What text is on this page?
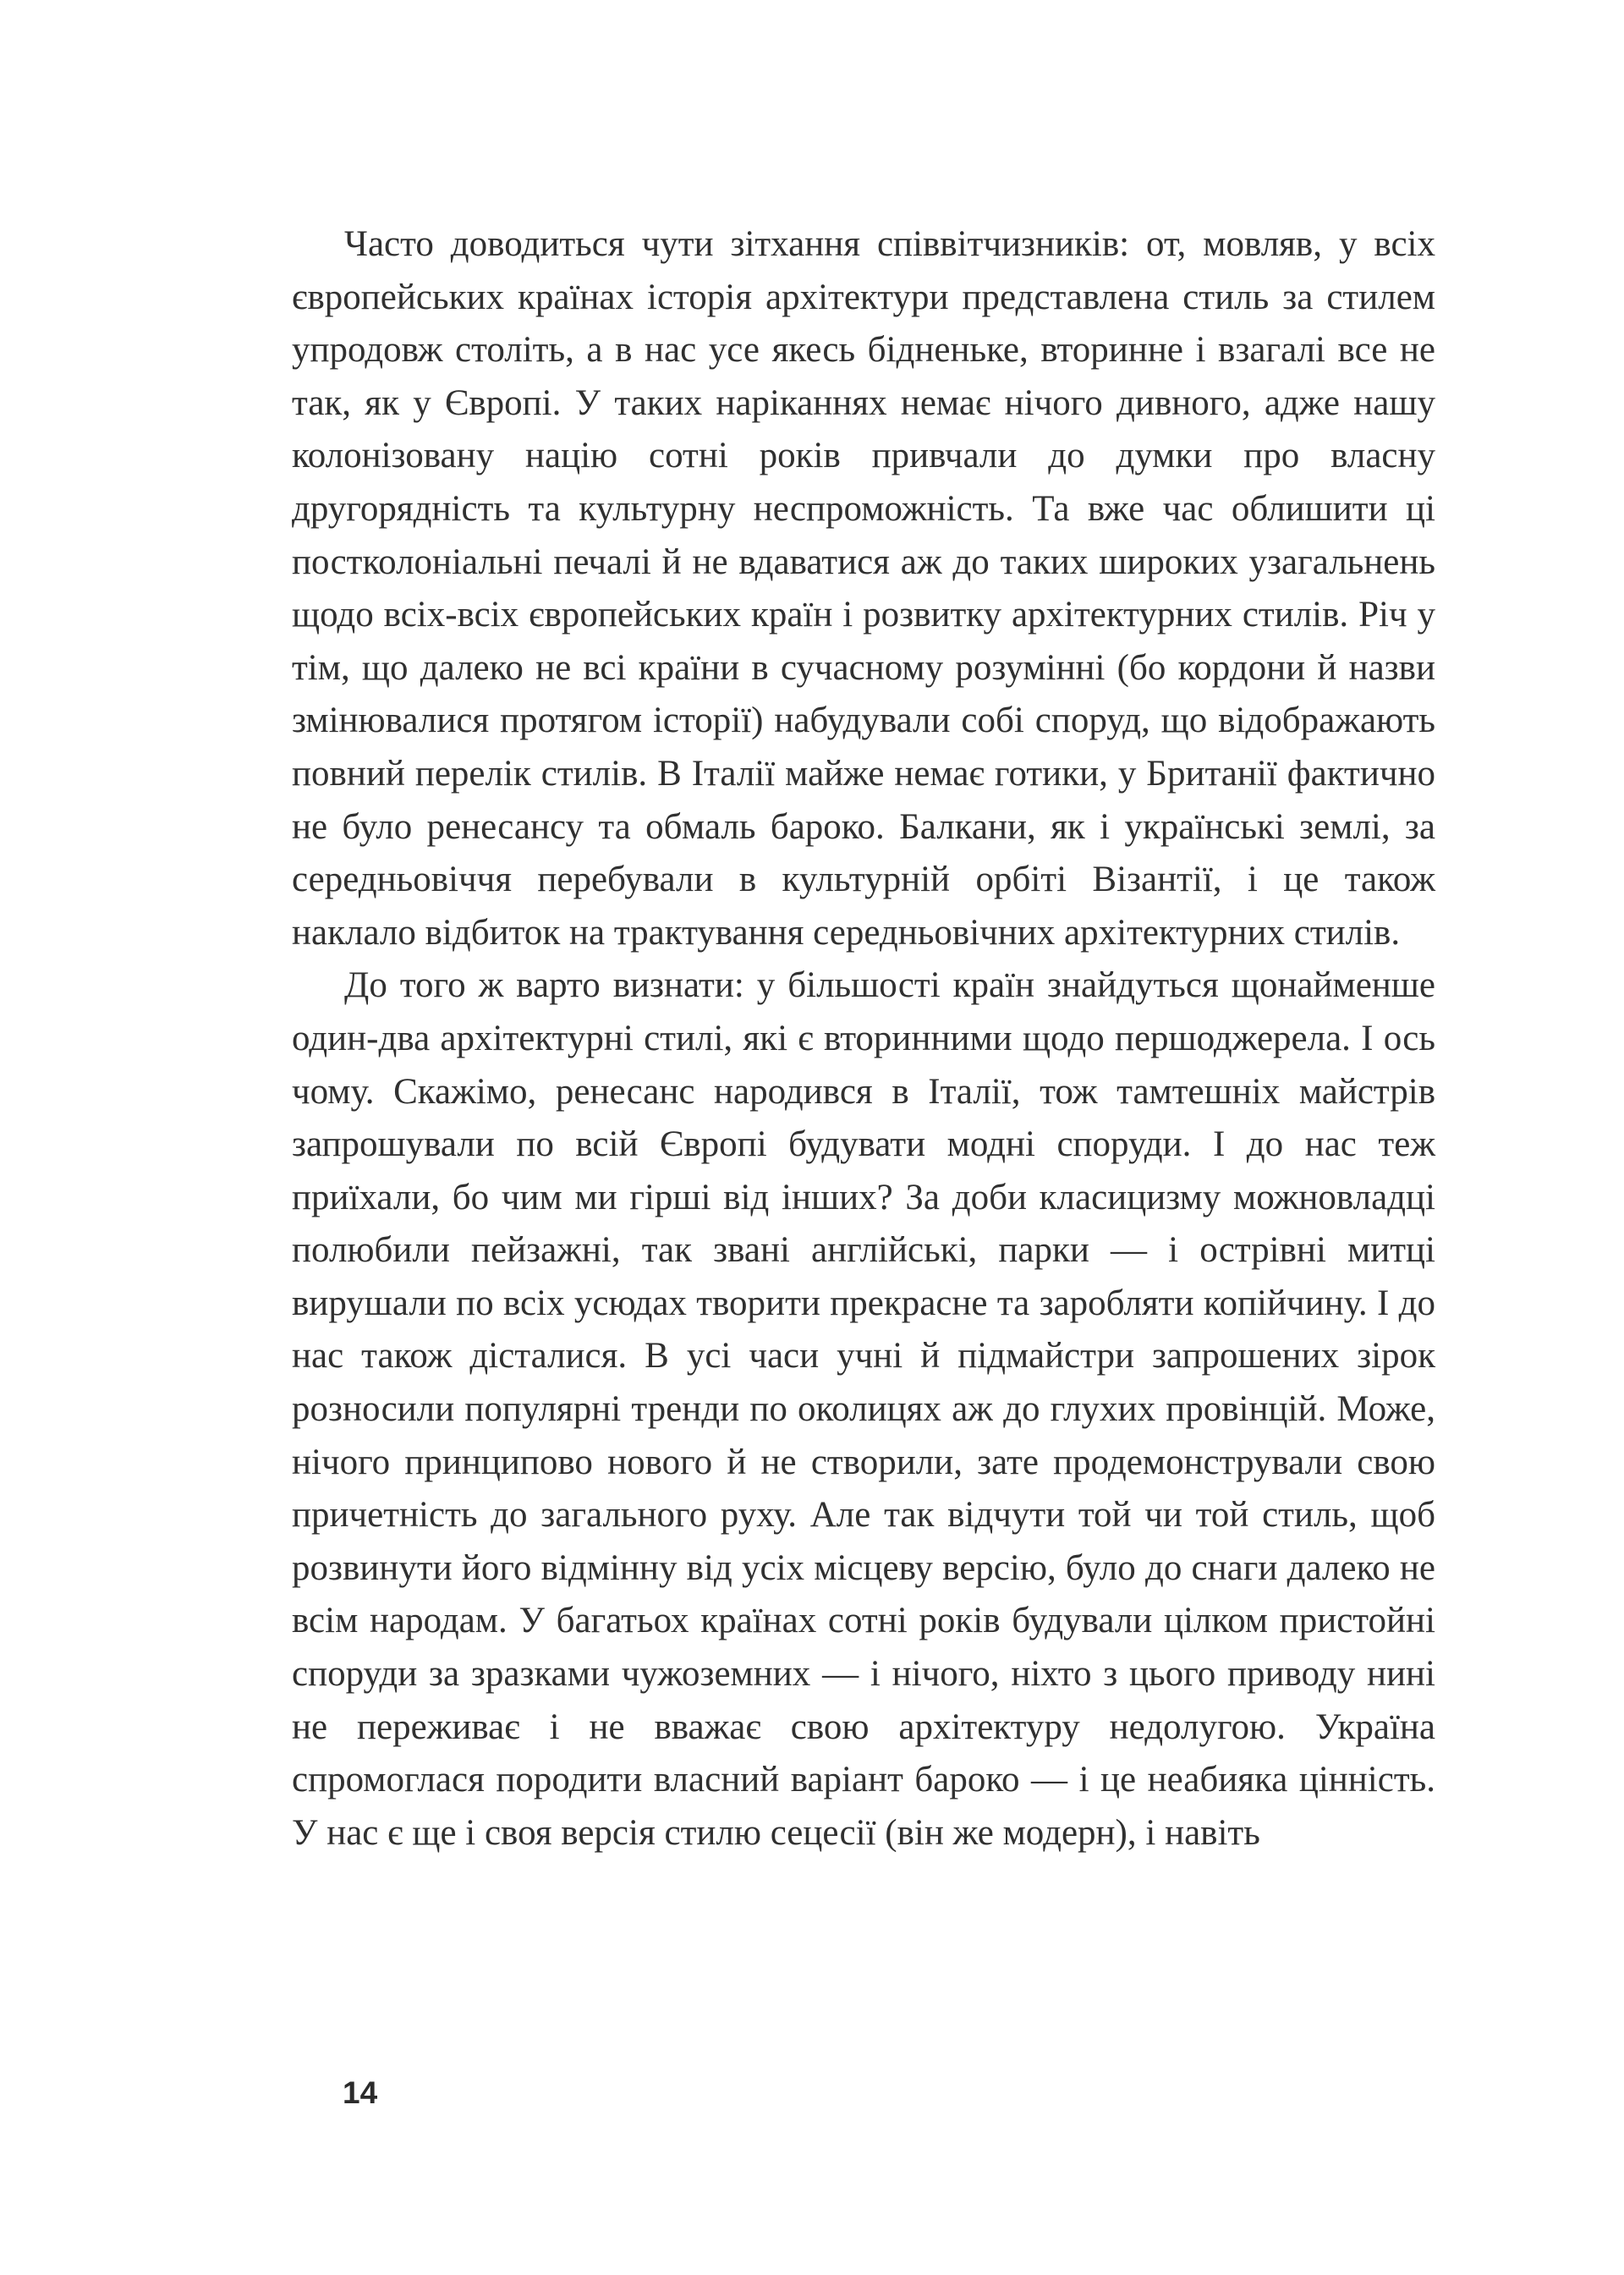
Часто доводиться чути зітхання співвітчизників: от, мовляв, у всіх європейських країнах історія архітектури представлена стиль за стилем упродовж століть, а в нас усе якесь бідненьке, вторинне і взагалі все не так, як у Європі. У таких наріканнях немає нічого дивного, адже нашу колонізовану націю сотні років привчали до думки про власну другорядність та культурну неспроможність. Та вже час облишити ці постколоніальні печалі й не вдаватися аж до таких широких узагальнень щодо всіх-всіх європейських країн і розвитку архітектурних стилів. Річ у тім, що далеко не всі країни в сучасному розумінні (бо кордони й назви змінювалися протягом історії) набудували собі споруд, що відображають повний перелік стилів. В Італії майже немає готики, у Британії фактично не було ренесансу та обмаль бароко. Балкани, як і українські землі, за середньовіччя перебували в культурній орбіті Візантії, і це також наклало відбиток на трактування середньовічних архітектурних стилів.

До того ж варто визнати: у більшості країн знайдуться щонайменше один-два архітектурні стилі, які є вторинними щодо першоджерела. І ось чому. Скажімо, ренесанс народився в Італії, тож тамтешніх майстрів запрошували по всій Європі будувати модні споруди. І до нас теж приїхали, бо чим ми гірші від інших? За доби класицизму можновладці полюбили пейзажні, так звані англійські, парки — і острівні митці вирушали по всіх усюдах творити прекрасне та заробляти копійчину. І до нас також дісталися. В усі часи учні й підмайстри запрошених зірок розносили популярні тренди по околицях аж до глухих провінцій. Може, нічого принципово нового й не створили, зате продемонстрували свою причетність до загального руху. Але так відчути той чи той стиль, щоб розвинути його відмінну від усіх місцеву версію, було до снаги далеко не всім народам. У багатьох країнах сотні років будували цілком пристойні споруди за зразками чужоземних — і нічого, ніхто з цього приводу нині не переживає і не вважає свою архітектуру недолугою. Україна спромоглася породити власний варіант бароко — і це неабияка цінність. У нас є ще і своя версія стилю сецесії (він же модерн), і навіть

14
